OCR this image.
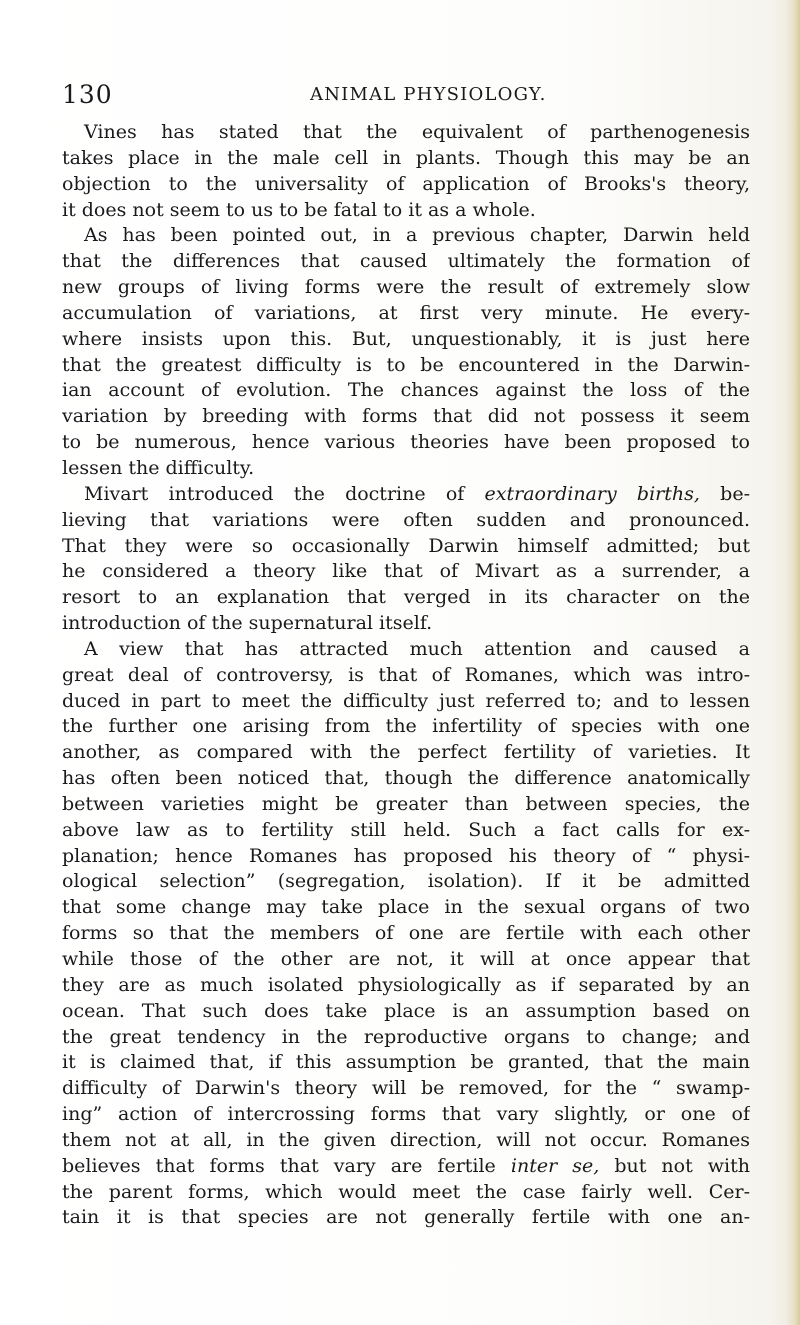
130	ANIMAL PHYSIOLOGY.
Vines has stated that the equivalent of parthenogenesis
takes place in the male cell in plants. Though this may be an
objection to the universality of application of Brooks's theory,
it does not seem to us to be fatal to it as a whole.
As has been pointed out, in a previous chapter, Darwin held
that the differences that caused ultimately the formation of
new groups of living forms were the result of extremely slow
accumulation of variations, at first very minute. He every-
where insists upon this. But, unquestionably, it is just here
that the greatest difficulty is to be encountered in the Darwin-
ian account of evolution. The chances against the loss of the
variation by breeding with forms that did not possess it seem
to be numerous, hence various theories have been proposed to
lessen the difficulty.
Mivart introduced the doctrine of extraordinary births, be-
lieving that variations were often sudden and pronounced.
That they were so occasionally Darwin himself admitted; but
he considered a theory like that of Mivart as a surrender, a
resort to an explanation that verged in its character on the
introduction of the supernatural itself.
A view that has attracted much attention and caused a
great deal of controversy, is that of Romanes, which was intro-
duced in part to meet the difficulty just referred to; and to lessen
the further one arising from the infertility of species with one
another, as compared with the perfect fertility of varieties. It
has often been noticed that, though the difference anatomically
between varieties might be greater than between species, the
above law as to fertility still held. Such a fact calls for ex-
planation; hence Romanes has proposed his theory of “ physi-
ological selection” (segregation, isolation). If it be admitted
that some change may take place in the sexual organs of two
forms so that the members of one are fertile with each other
while those of the other are not, it will at once appear that
they are as much isolated physiologically as if separated by an
ocean. That such does take place is an assumption based on
the great tendency in the reproductive organs to change; and
it is claimed that, if this assumption be granted, that the main
difficulty of Darwin's theory will be removed, for the “ swamp-
ing” action of intercrossing forms that vary slightly, or one of
them not at all, in the given direction, will not occur. Romanes
believes that forms that vary are fertile inter se, but not with
the parent forms, which would meet the case fairly well. Cer-
tain it is that species are not generally fertile with one an-
